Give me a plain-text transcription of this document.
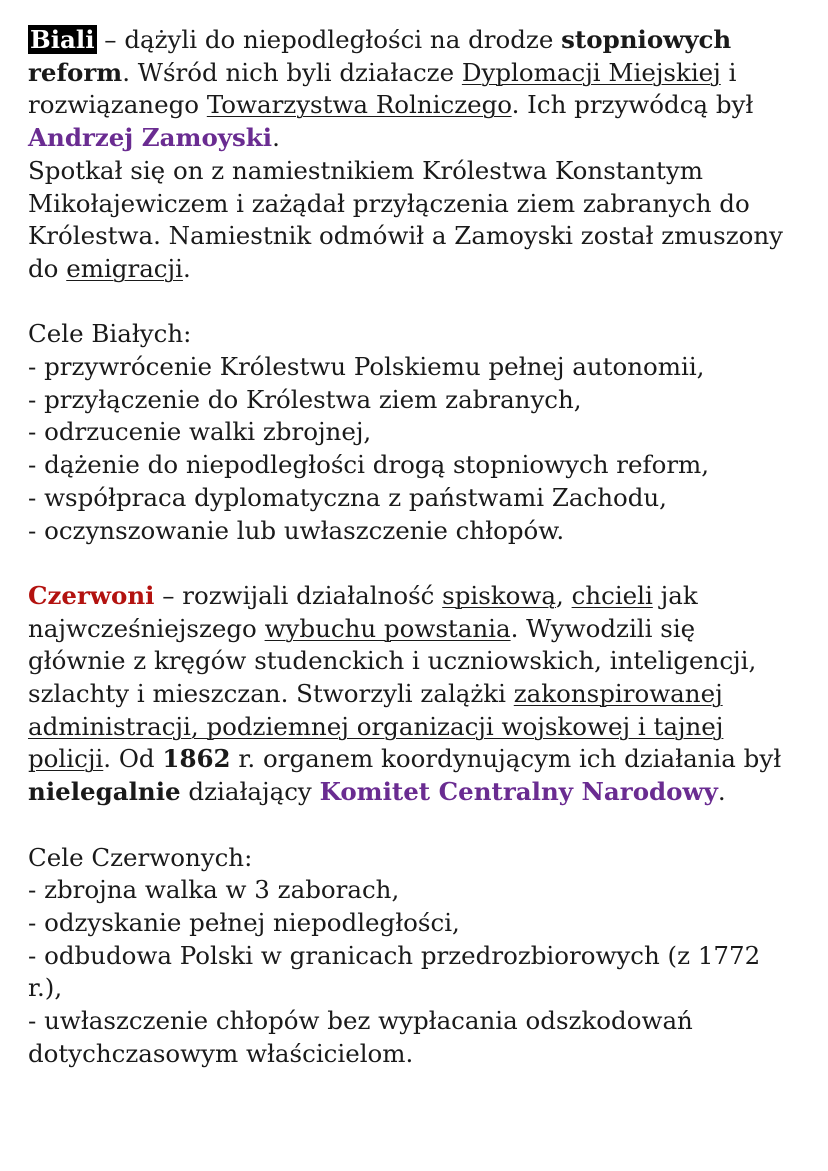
Biali – dążyli do niepodległości na drodze stopniowych reform. Wśród nich byli działacze Dyplomacji Miejskiej i rozwiązanego Towarzystwa Rolniczego. Ich przywódcą był Andrzej Zamoyski.

Spotkał się on z namiestnikiem Królestwa Konstantym Mikołajewiczem i zażądał przyłączenia ziem zabranych do Królestwa. Namiestnik odmówił a Zamoyski został zmuszony do emigracji.

Cele Białych:

- przywrócenie Królestwu Polskiemu pełnej autonomii,
- przyłączenie do Królestwa ziem zabranych,
- odrzucenie walki zbrojnej,
- dążenie do niepodległości drogą stopniowych reform,
- współpraca dyplomatyczna z państwami Zachodu,
- oczynszowanie lub uwłaszczenie chłopów.

Czerwoni – rozwijali działalność spiskową, chcieli jak najwcześniejszego wybuchu powstania. Wywodzili się głównie z kręgów studenckich i uczniowskich, inteligencji, szlachty i mieszczan. Stworzyli zalążki zakonspirowanej administracji, podziemnej organizacji wojskowej i tajnej policji. Od 1862 r. organem koordynującym ich działania był nielegalnie działający Komitet Centralny Narodowy.

Cele Czerwonych:

- zbrojna walka w 3 zaborach,
- odzyskanie pełnej niepodległości,
- odbudowa Polski w granicach przedrozbiorowych (z 1772 r.),
- uwłaszczenie chłopów bez wypłacania odszkodowań dotychczasowym właścicielom.
